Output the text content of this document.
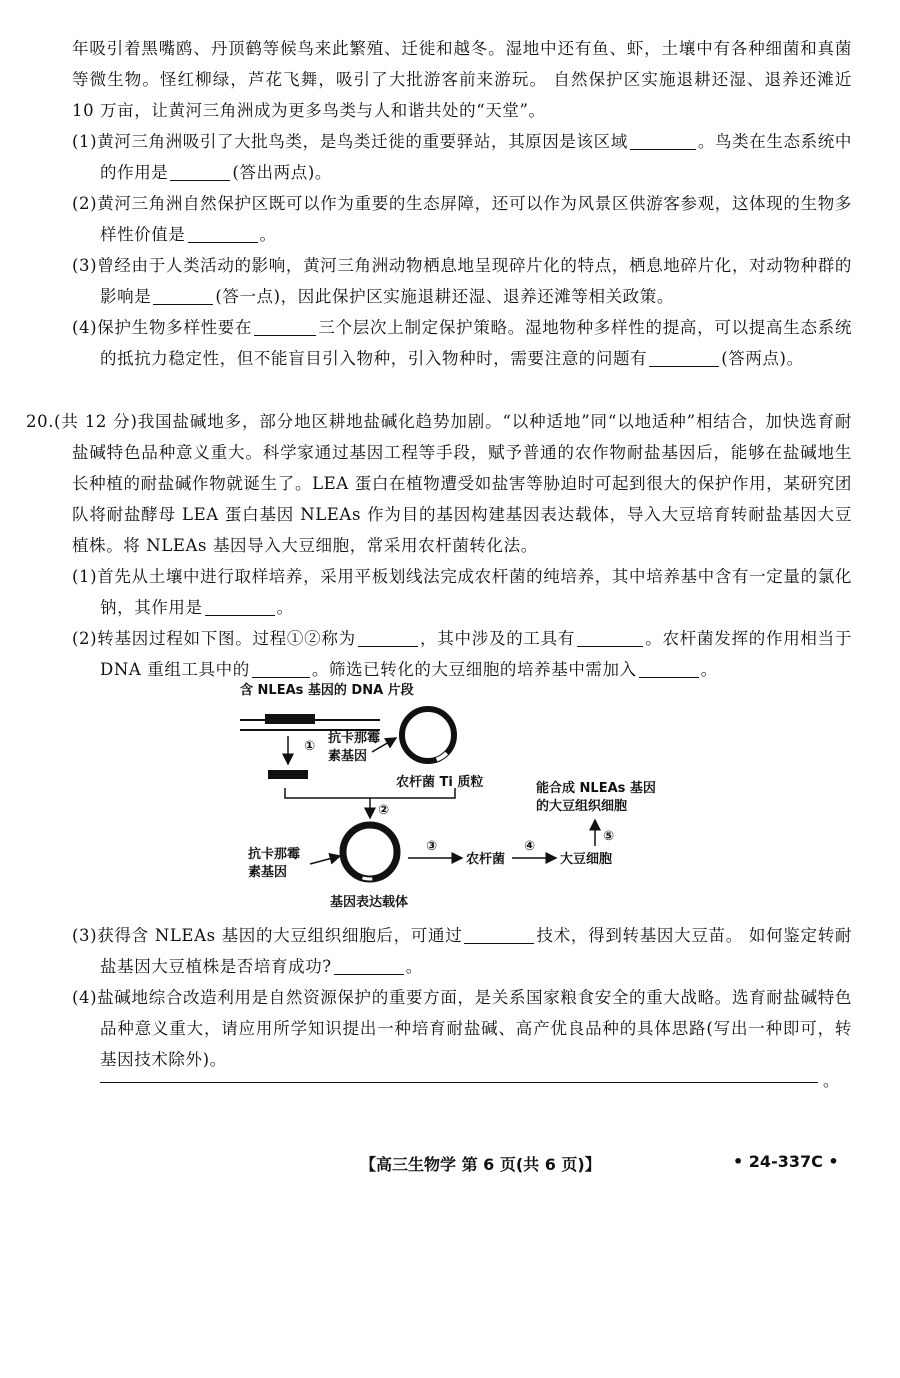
年吸引着黑嘴鸥、丹顶鹤等候鸟来此繁殖、迁徙和越冬。湿地中还有鱼、虾，土壤中有各种细菌和真菌等微生物。怪红柳绿，芦花飞舞，吸引了大批游客前来游玩。 自然保护区实施退耕还湿、退养还滩近 10 万亩，让黄河三角洲成为更多鸟类与人和谐共处的“天堂”。
(1)黄河三角洲吸引了大批鸟类，是鸟类迁徙的重要驿站，其原因是该区域	。鸟类在生态系统中的作用是	(答出两点)。
(2)黄河三角洲自然保护区既可以作为重要的生态屏障，还可以作为风景区供游客参观，这体现的生物多样性价值是	。
(3)曾经由于人类活动的影响，黄河三角洲动物栖息地呈现碎片化的特点，栖息地碎片化，对动物种群的影响是	(答一点)，因此保护区实施退耕还湿、退养还滩等相关政策。
(4)保护生物多样性要在	三个层次上制定保护策略。湿地物种多样性的提高，可以提高生态系统的抵抗力稳定性，但不能盲目引入物种，引入物种时，需要注意的问题有	(答两点)。
20.(共 12 分)我国盐碱地多，部分地区耕地盐碱化趋势加剧。“以种适地”同“以地适种”相结合，加快选育耐盐碱特色品种意义重大。科学家通过基因工程等手段，赋予普通的农作物耐盐基因后，能够在盐碱地生长种植的耐盐碱作物就诞生了。LEA 蛋白在植物遭受如盐害等胁迫时可起到很大的保护作用，某研究团队将耐盐酵母 LEA 蛋白基因 NLEAs 作为目的基因构建基因表达载体，导入大豆培育转耐盐基因大豆植株。将 NLEAs 基因导入大豆细胞，常采用农杆菌转化法。
(1)首先从土壤中进行取样培养，采用平板划线法完成农杆菌的纯培养，其中培养基中含有一定量的氯化钠，其作用是	。
(2)转基因过程如下图。过程①②称为	，其中涉及的工具有	。农杆菌发挥的作用相当于 DNA 重组工具中的	。筛选已转化的大豆细胞的培养基中需加入	。
含 NLEAs 基因的 DNA 片段
①
抗卡那霉
素基因
农杆菌 Ti 质粒
②
抗卡那霉
素基因
基因表达载体
③
农杆菌
④
大豆细胞
⑤
能合成 NLEAs 基因
的大豆组织细胞
(3)获得含 NLEAs 基因的大豆组织细胞后，可通过	技术，得到转基因大豆苗。 如何鉴定转耐盐基因大豆植株是否培育成功?	。
(4)盐碱地综合改造利用是自然资源保护的重要方面，是关系国家粮食安全的重大战略。选育耐盐碱特色品种意义重大，请应用所学知识提出一种培育耐盐碱、高产优良品种的具体思路(写出一种即可，转基因技术除外)。
。
【高三生物学 第 6 页(共 6 页)】	• 24-337C •
